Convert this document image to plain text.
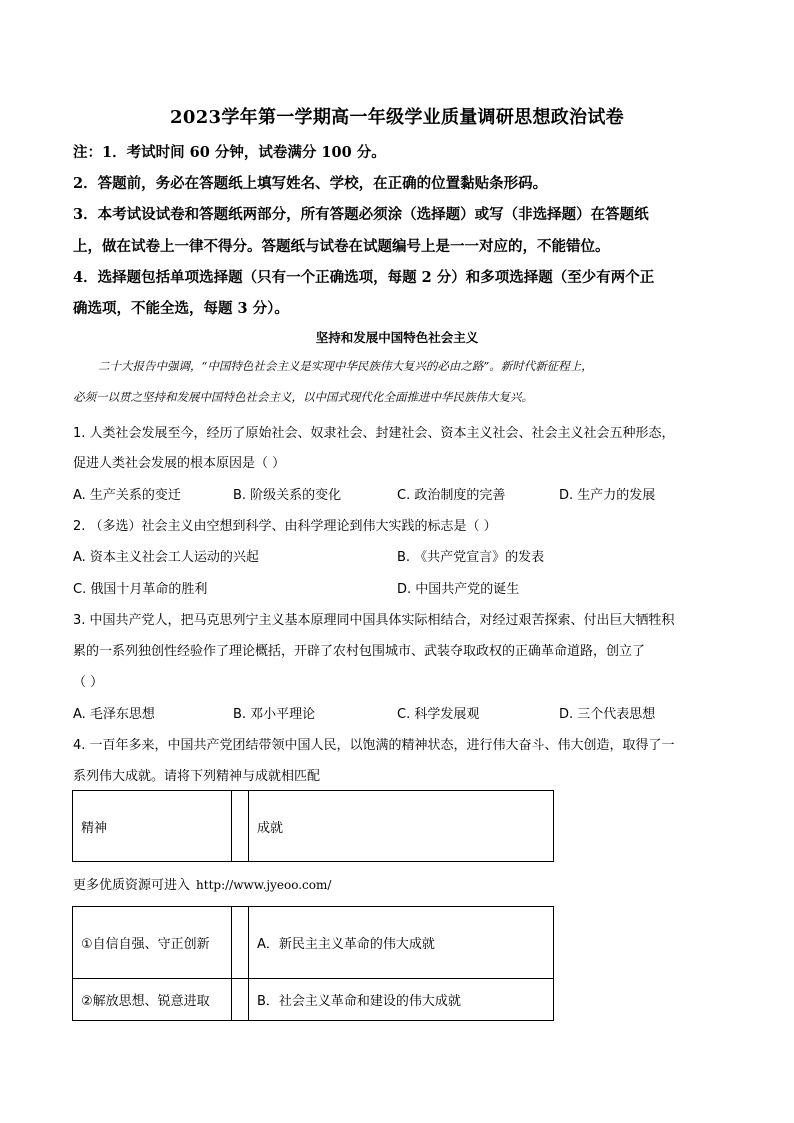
2023学年第一学期高一年级学业质量调研思想政治试卷
注：1．考试时间 60 分钟，试卷满分 100 分。
2．答题前，务必在答题纸上填写姓名、学校，在正确的位置黏贴条形码。
3．本考试设试卷和答题纸两部分，所有答题必须涂（选择题）或写（非选择题）在答题纸
上，做在试卷上一律不得分。答题纸与试卷在试题编号上是一一对应的，不能错位。
4．选择题包括单项选择题（只有一个正确选项，每题 2 分）和多项选择题（至少有两个正
确选项，不能全选，每题 3 分）。
坚持和发展中国特色社会主义
二十大报告中强调，“中国特色社会主义是实现中华民族伟大复兴的必由之路”。新时代新征程上，
必须一以贯之坚持和发展中国特色社会主义，以中国式现代化全面推进中华民族伟大复兴。
1. 人类社会发展至今，经历了原始社会、奴隶社会、封建社会、资本主义社会、社会主义社会五种形态，
促进人类社会发展的根本原因是（ ）
A. 生产关系的变迁	B. 阶级关系的变化	C. 政治制度的完善	D. 生产力的发展
2. （多选）社会主义由空想到科学、由科学理论到伟大实践的标志是（ ）
A. 资本主义社会工人运动的兴起	B. 《共产党宣言》的发表
C. 俄国十月革命的胜利	D. 中国共产党的诞生
3. 中国共产党人，把马克思列宁主义基本原理同中国具体实际相结合，对经过艰苦探索、付出巨大牺牲积
累的一系列独创性经验作了理论概括，开辟了农村包围城市、武装夺取政权的正确革命道路，创立了
（ ）
A. 毛泽东思想	B. 邓小平理论	C. 科学发展观	D. 三个代表思想
4. 一百年多来，中国共产党团结带领中国人民，以饱满的精神状态，进行伟大奋斗、伟大创造，取得了一
系列伟大成就。请将下列精神与成就相匹配
精神		成就
更多优质资源可进入 http://www.jyeoo.com/
①自信自强、守正创新		A．新民主主义革命的伟大成就
②解放思想、锐意进取		B．社会主义革命和建设的伟大成就
